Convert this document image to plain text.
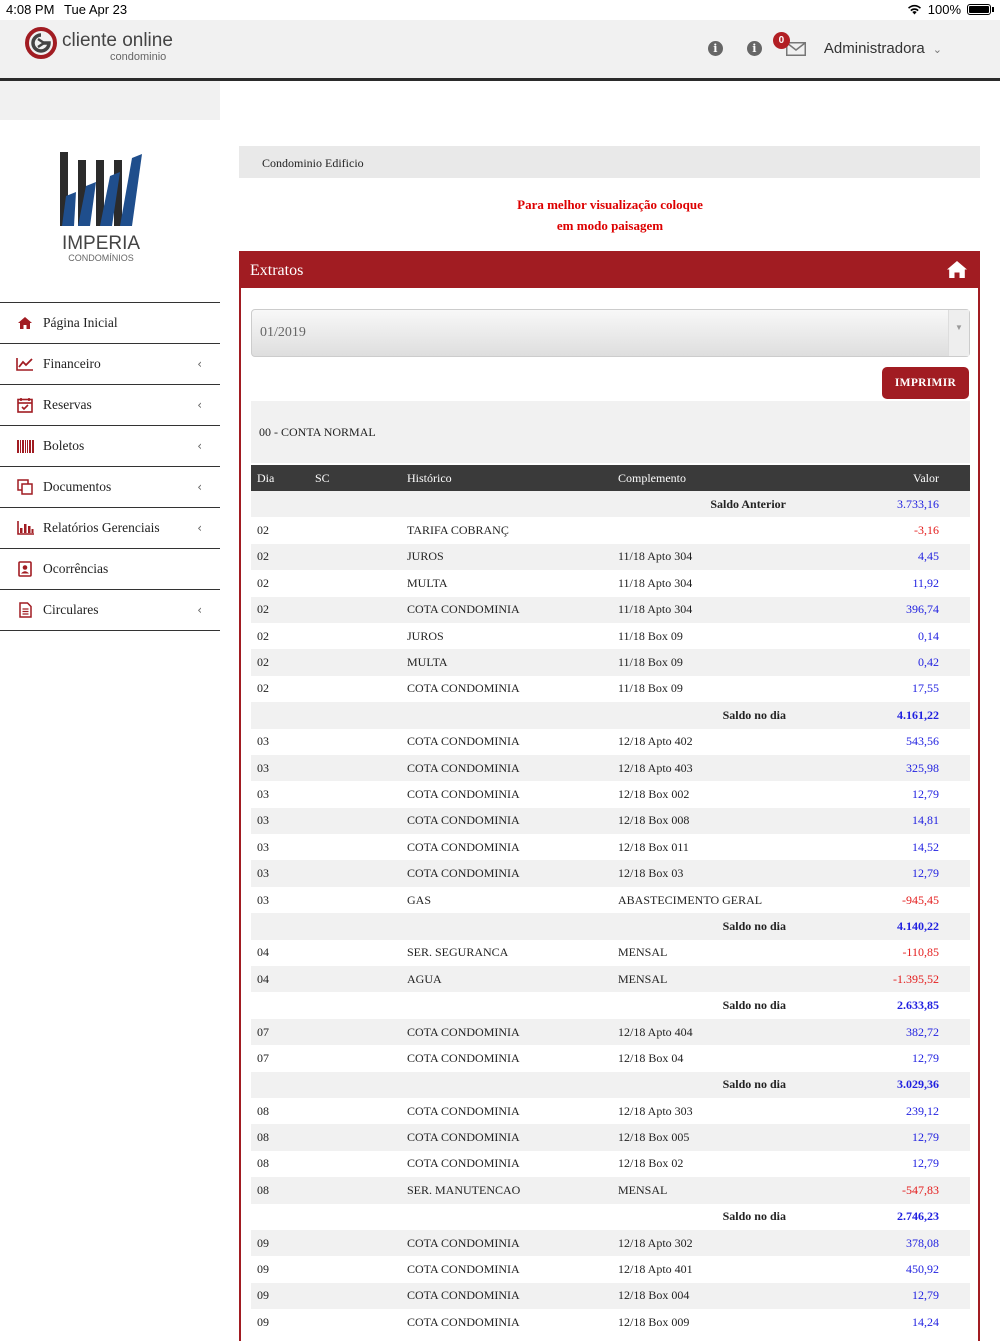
4:08 PM Tue Apr 23	100%
cliente online
condominio
i	i
0	Administradora ⌄
IMPERIA
CONDOMÍNIOS
Página Inicial
Financeiro	‹
Reservas	‹
Boletos	‹
Documentos	‹
Relatórios Gerenciais	‹
Ocorrências
Circulares	‹
Condominio Edificio
Para melhor visualização coloque
em modo paisagem
Extratos
01/2019	▼
IMPRIMIR
00 - CONTA NORMAL
Dia	SC	Histórico	Complemento	Valor
			Saldo Anterior	3.733,16
02		TARIFA COBRANÇ		-3,16
02		JUROS	11/18 Apto 304	4,45
02		MULTA	11/18 Apto 304	11,92
02		COTA CONDOMINIA	11/18 Apto 304	396,74
02		JUROS	11/18 Box 09	0,14
02		MULTA	11/18 Box 09	0,42
02		COTA CONDOMINIA	11/18 Box 09	17,55
			Saldo no dia	4.161,22
03		COTA CONDOMINIA	12/18 Apto 402	543,56
03		COTA CONDOMINIA	12/18 Apto 403	325,98
03		COTA CONDOMINIA	12/18 Box 002	12,79
03		COTA CONDOMINIA	12/18 Box 008	14,81
03		COTA CONDOMINIA	12/18 Box 011	14,52
03		COTA CONDOMINIA	12/18 Box 03	12,79
03		GAS	ABASTECIMENTO GERAL	-945,45
			Saldo no dia	4.140,22
04		SER. SEGURANCA	MENSAL	-110,85
04		AGUA	MENSAL	-1.395,52
			Saldo no dia	2.633,85
07		COTA CONDOMINIA	12/18 Apto 404	382,72
07		COTA CONDOMINIA	12/18 Box 04	12,79
			Saldo no dia	3.029,36
08		COTA CONDOMINIA	12/18 Apto 303	239,12
08		COTA CONDOMINIA	12/18 Box 005	12,79
08		COTA CONDOMINIA	12/18 Box 02	12,79
08		SER. MANUTENCAO	MENSAL	-547,83
			Saldo no dia	2.746,23
09		COTA CONDOMINIA	12/18 Apto 302	378,08
09		COTA CONDOMINIA	12/18 Apto 401	450,92
09		COTA CONDOMINIA	12/18 Box 004	12,79
09		COTA CONDOMINIA	12/18 Box 009	14,24
